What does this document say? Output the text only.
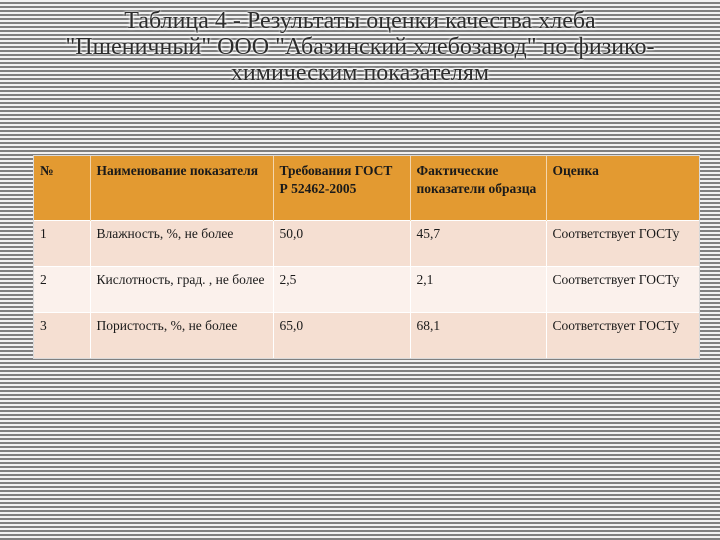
Таблица 4 - Результаты оценки качества хлеба
"Пшеничный" ООО "Абазинский хлебозавод" по физико-
химическим показателям
№	Наименование показателя	Требования ГОСТ Р 52462-2005	Фактические показатели образца	Оценка
1	Влажность, %, не более	50,0	45,7	Соответствует ГОСТу
2	Кислотность, град. , не более	2,5	2,1	Соответствует ГОСТу
3	Пористость, %, не более	65,0	68,1	Соответствует ГОСТу
